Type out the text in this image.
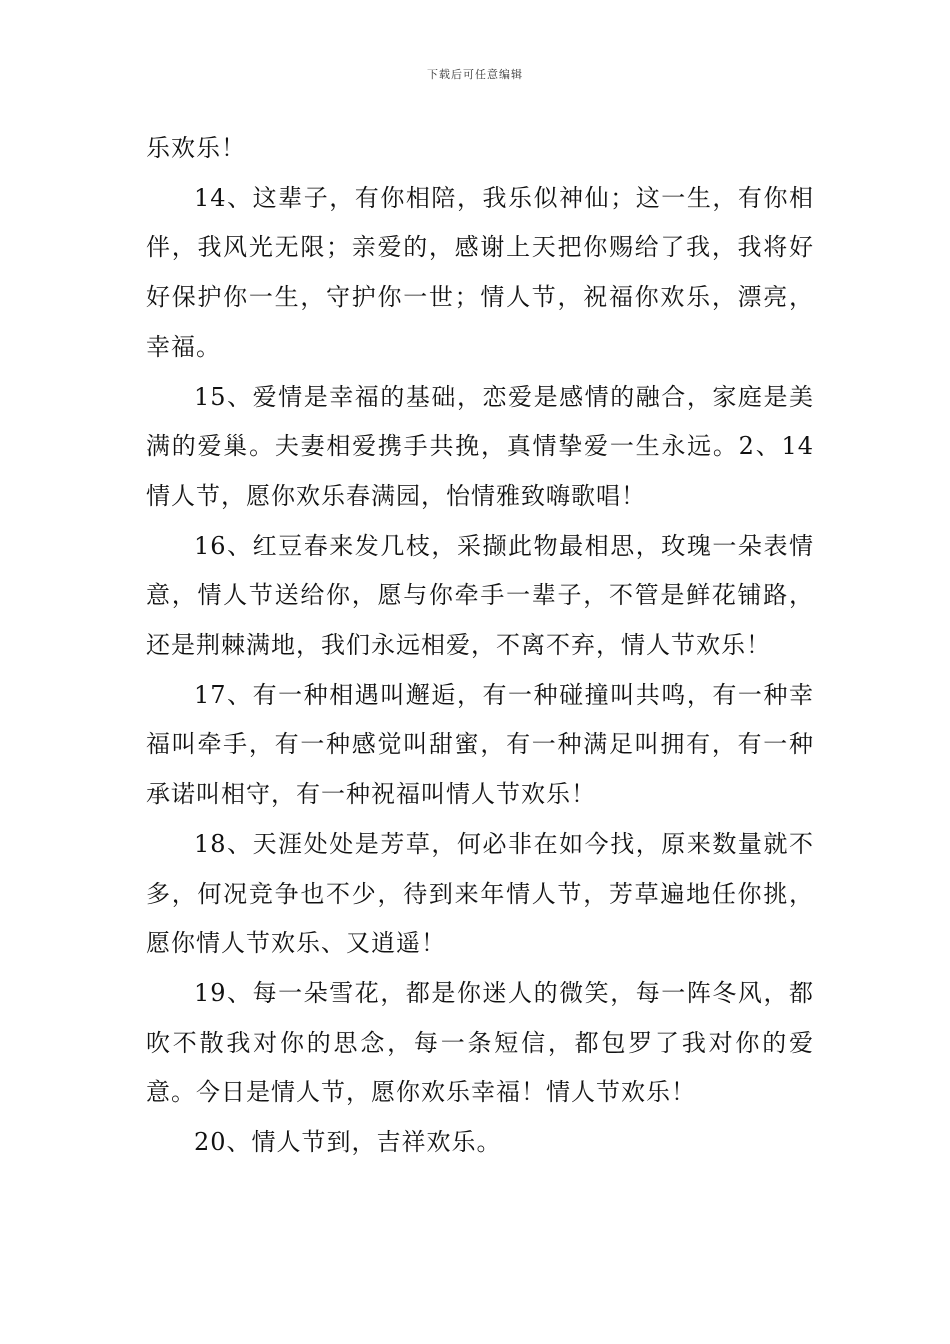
下载后可任意编辑

乐欢乐！

14、这辈子，有你相陪，我乐似神仙；这一生，有你相伴，我风光无限；亲爱的，感谢上天把你赐给了我，我将好好保护你一生，守护你一世；情人节，祝福你欢乐，漂亮，幸福。

15、爱情是幸福的基础，恋爱是感情的融合，家庭是美满的爱巢。夫妻相爱携手共挽，真情挚爱一生永远。2、14情人节，愿你欢乐春满园，怡情雅致嗨歌唱！

16、红豆春来发几枝，采撷此物最相思，玫瑰一朵表情意，情人节送给你，愿与你牵手一辈子，不管是鲜花铺路，还是荆棘满地，我们永远相爱，不离不弃，情人节欢乐！

17、有一种相遇叫邂逅，有一种碰撞叫共鸣，有一种幸福叫牵手，有一种感觉叫甜蜜，有一种满足叫拥有，有一种承诺叫相守，有一种祝福叫情人节欢乐！

18、天涯处处是芳草，何必非在如今找，原来数量就不多，何况竞争也不少，待到来年情人节，芳草遍地任你挑，愿你情人节欢乐、又逍遥！

19、每一朵雪花，都是你迷人的微笑，每一阵冬风，都吹不散我对你的思念，每一条短信，都包罗了我对你的爱意。今日是情人节，愿你欢乐幸福！情人节欢乐！

20、情人节到，吉祥欢乐。
